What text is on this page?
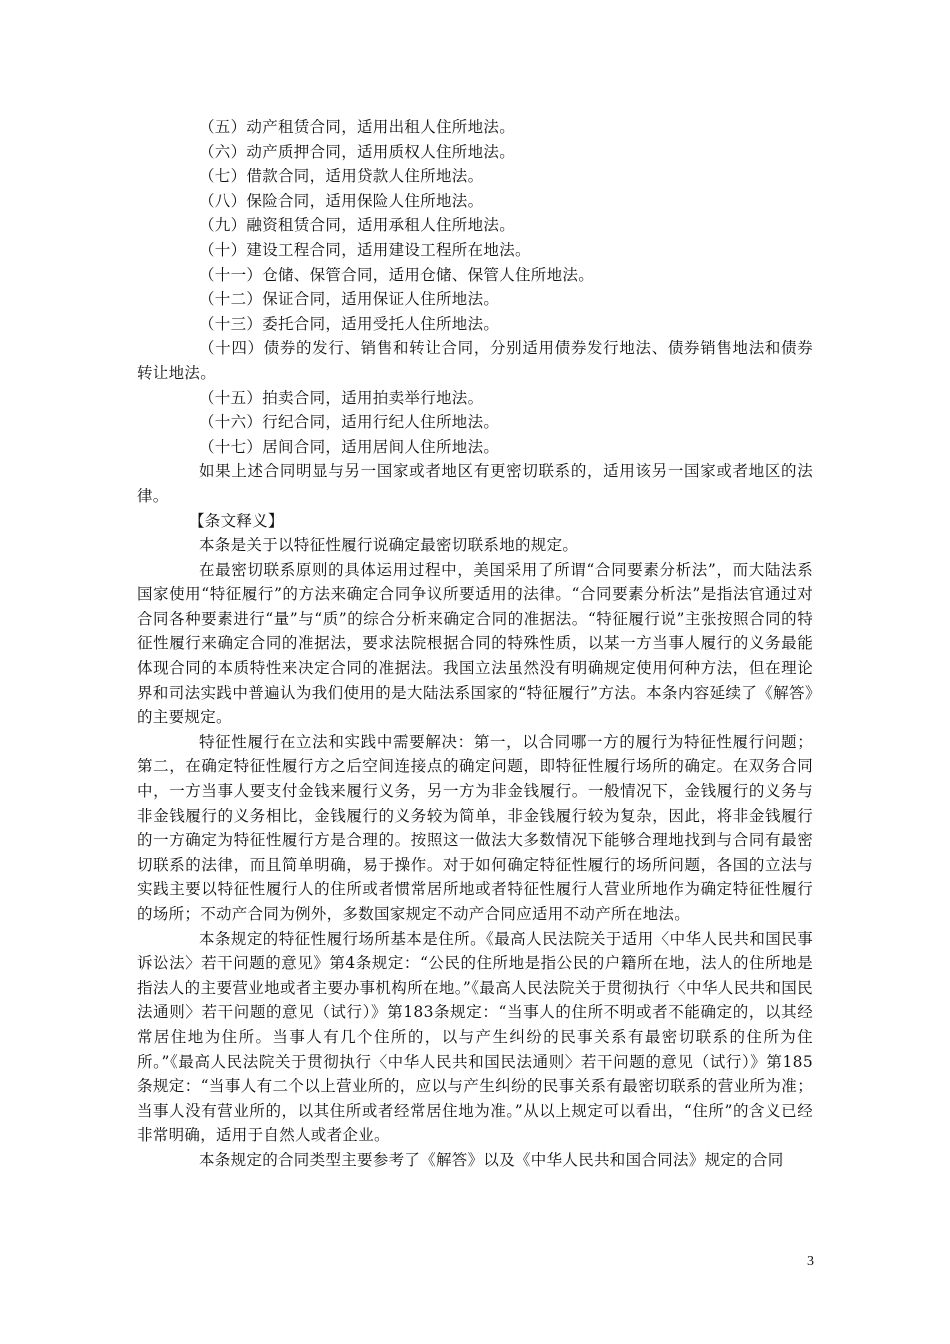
（五）动产租赁合同，适用出租人住所地法。
（六）动产质押合同，适用质权人住所地法。
（七）借款合同，适用贷款人住所地法。
（八）保险合同，适用保险人住所地法。
（九）融资租赁合同，适用承租人住所地法。
（十）建设工程合同，适用建设工程所在地法。
（十一）仓储、保管合同，适用仓储、保管人住所地法。
（十二）保证合同，适用保证人住所地法。
（十三）委托合同，适用受托人住所地法。

（十四）债券的发行、销售和转让合同，分别适用债券发行地法、债券销售地法和债券转让地法。

（十五）拍卖合同，适用拍卖举行地法。
（十六）行纪合同，适用行纪人住所地法。
（十七）居间合同，适用居间人住所地法。

如果上述合同明显与另一国家或者地区有更密切联系的，适用该另一国家或者地区的法律。

【条文释义】

本条是关于以特征性履行说确定最密切联系地的规定。

在最密切联系原则的具体运用过程中，美国采用了所谓“合同要素分析法”，而大陆法系国家使用“特征履行”的方法来确定合同争议所要适用的法律。“合同要素分析法”是指法官通过对合同各种要素进行“量”与“质”的综合分析来确定合同的准据法。“特征履行说”主张按照合同的特征性履行来确定合同的准据法，要求法院根据合同的特殊性质，以某一方当事人履行的义务最能体现合同的本质特性来决定合同的准据法。我国立法虽然没有明确规定使用何种方法，但在理论界和司法实践中普遍认为我们使用的是大陆法系国家的“特征履行”方法。本条内容延续了《解答》的主要规定。

特征性履行在立法和实践中需要解决：第一，以合同哪一方的履行为特征性履行问题；第二，在确定特征性履行方之后空间连接点的确定问题，即特征性履行场所的确定。在双务合同中，一方当事人要支付金钱来履行义务，另一方为非金钱履行。一般情况下，金钱履行的义务与非金钱履行的义务相比，金钱履行的义务较为简单，非金钱履行较为复杂，因此，将非金钱履行的一方确定为特征性履行方是合理的。按照这一做法大多数情况下能够合理地找到与合同有最密切联系的法律，而且简单明确，易于操作。对于如何确定特征性履行的场所问题，各国的立法与实践主要以特征性履行人的住所或者惯常居所地或者特征性履行人营业所地作为确定特征性履行的场所；不动产合同为例外，多数国家规定不动产合同应适用不动产所在地法。

本条规定的特征性履行场所基本是住所。《最高人民法院关于适用〈中华人民共和国民事诉讼法〉若干问题的意见》第4条规定：“公民的住所地是指公民的户籍所在地，法人的住所地是指法人的主要营业地或者主要办事机构所在地。”《最高人民法院关于贯彻执行〈中华人民共和国民法通则〉若干问题的意见（试行）》第183条规定：“当事人的住所不明或者不能确定的，以其经常居住地为住所。当事人有几个住所的，以与产生纠纷的民事关系有最密切联系的住所为住所。”《最高人民法院关于贯彻执行〈中华人民共和国民法通则〉若干问题的意见（试行）》第185条规定：“当事人有二个以上营业所的，应以与产生纠纷的民事关系有最密切联系的营业所为准；当事人没有营业所的，以其住所或者经常居住地为准。”从以上规定可以看出，“住所”的含义已经非常明确，适用于自然人或者企业。

本条规定的合同类型主要参考了《解答》以及《中华人民共和国合同法》规定的合同

3
